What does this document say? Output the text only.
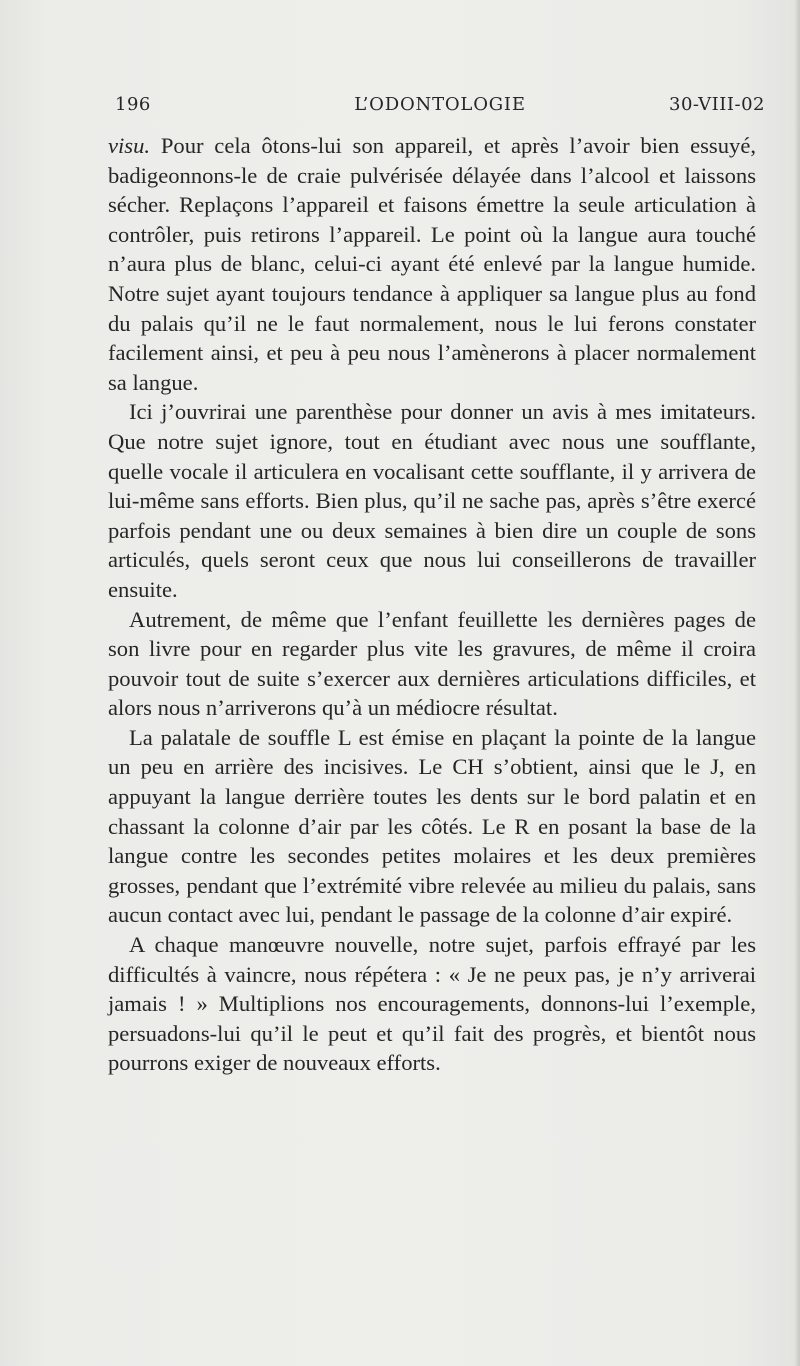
196	L’ODONTOLOGIE	30-VIII-02

visu. Pour cela ôtons-lui son appareil, et après l’avoir bien essuyé, badigeonnons-le de craie pulvérisée délayée dans l’alcool et laissons sécher. Replaçons l’appareil et faisons émettre la seule articulation à contrôler, puis retirons l’appareil. Le point où la langue aura touché n’aura plus de blanc, celui-ci ayant été enlevé par la langue humide. Notre sujet ayant toujours tendance à appliquer sa langue plus au fond du palais qu’il ne le faut normalement, nous le lui ferons constater facilement ainsi, et peu à peu nous l’amènerons à placer normalement sa langue.

Ici j’ouvrirai une parenthèse pour donner un avis à mes imitateurs. Que notre sujet ignore, tout en étudiant avec nous une soufflante, quelle vocale il articulera en vocalisant cette soufflante, il y arrivera de lui-même sans efforts. Bien plus, qu’il ne sache pas, après s’être exercé parfois pendant une ou deux semaines à bien dire un couple de sons articulés, quels seront ceux que nous lui conseillerons de travailler ensuite.

Autrement, de même que l’enfant feuillette les dernières pages de son livre pour en regarder plus vite les gravures, de même il croira pouvoir tout de suite s’exercer aux dernières articulations difficiles, et alors nous n’arriverons qu’à un médiocre résultat.

La palatale de souffle L est émise en plaçant la pointe de la langue un peu en arrière des incisives. Le CH s’obtient, ainsi que le J, en appuyant la langue derrière toutes les dents sur le bord palatin et en chassant la colonne d’air par les côtés. Le R en posant la base de la langue contre les secondes petites molaires et les deux premières grosses, pendant que l’extrémité vibre relevée au milieu du palais, sans aucun contact avec lui, pendant le passage de la colonne d’air expiré.

A chaque manœuvre nouvelle, notre sujet, parfois effrayé par les difficultés à vaincre, nous répétera : « Je ne peux pas, je n’y arriverai jamais ! » Multiplions nos encouragements, donnons-lui l’exemple, persuadons-lui qu’il le peut et qu’il fait des progrès, et bientôt nous pourrons exiger de nouveaux efforts.
